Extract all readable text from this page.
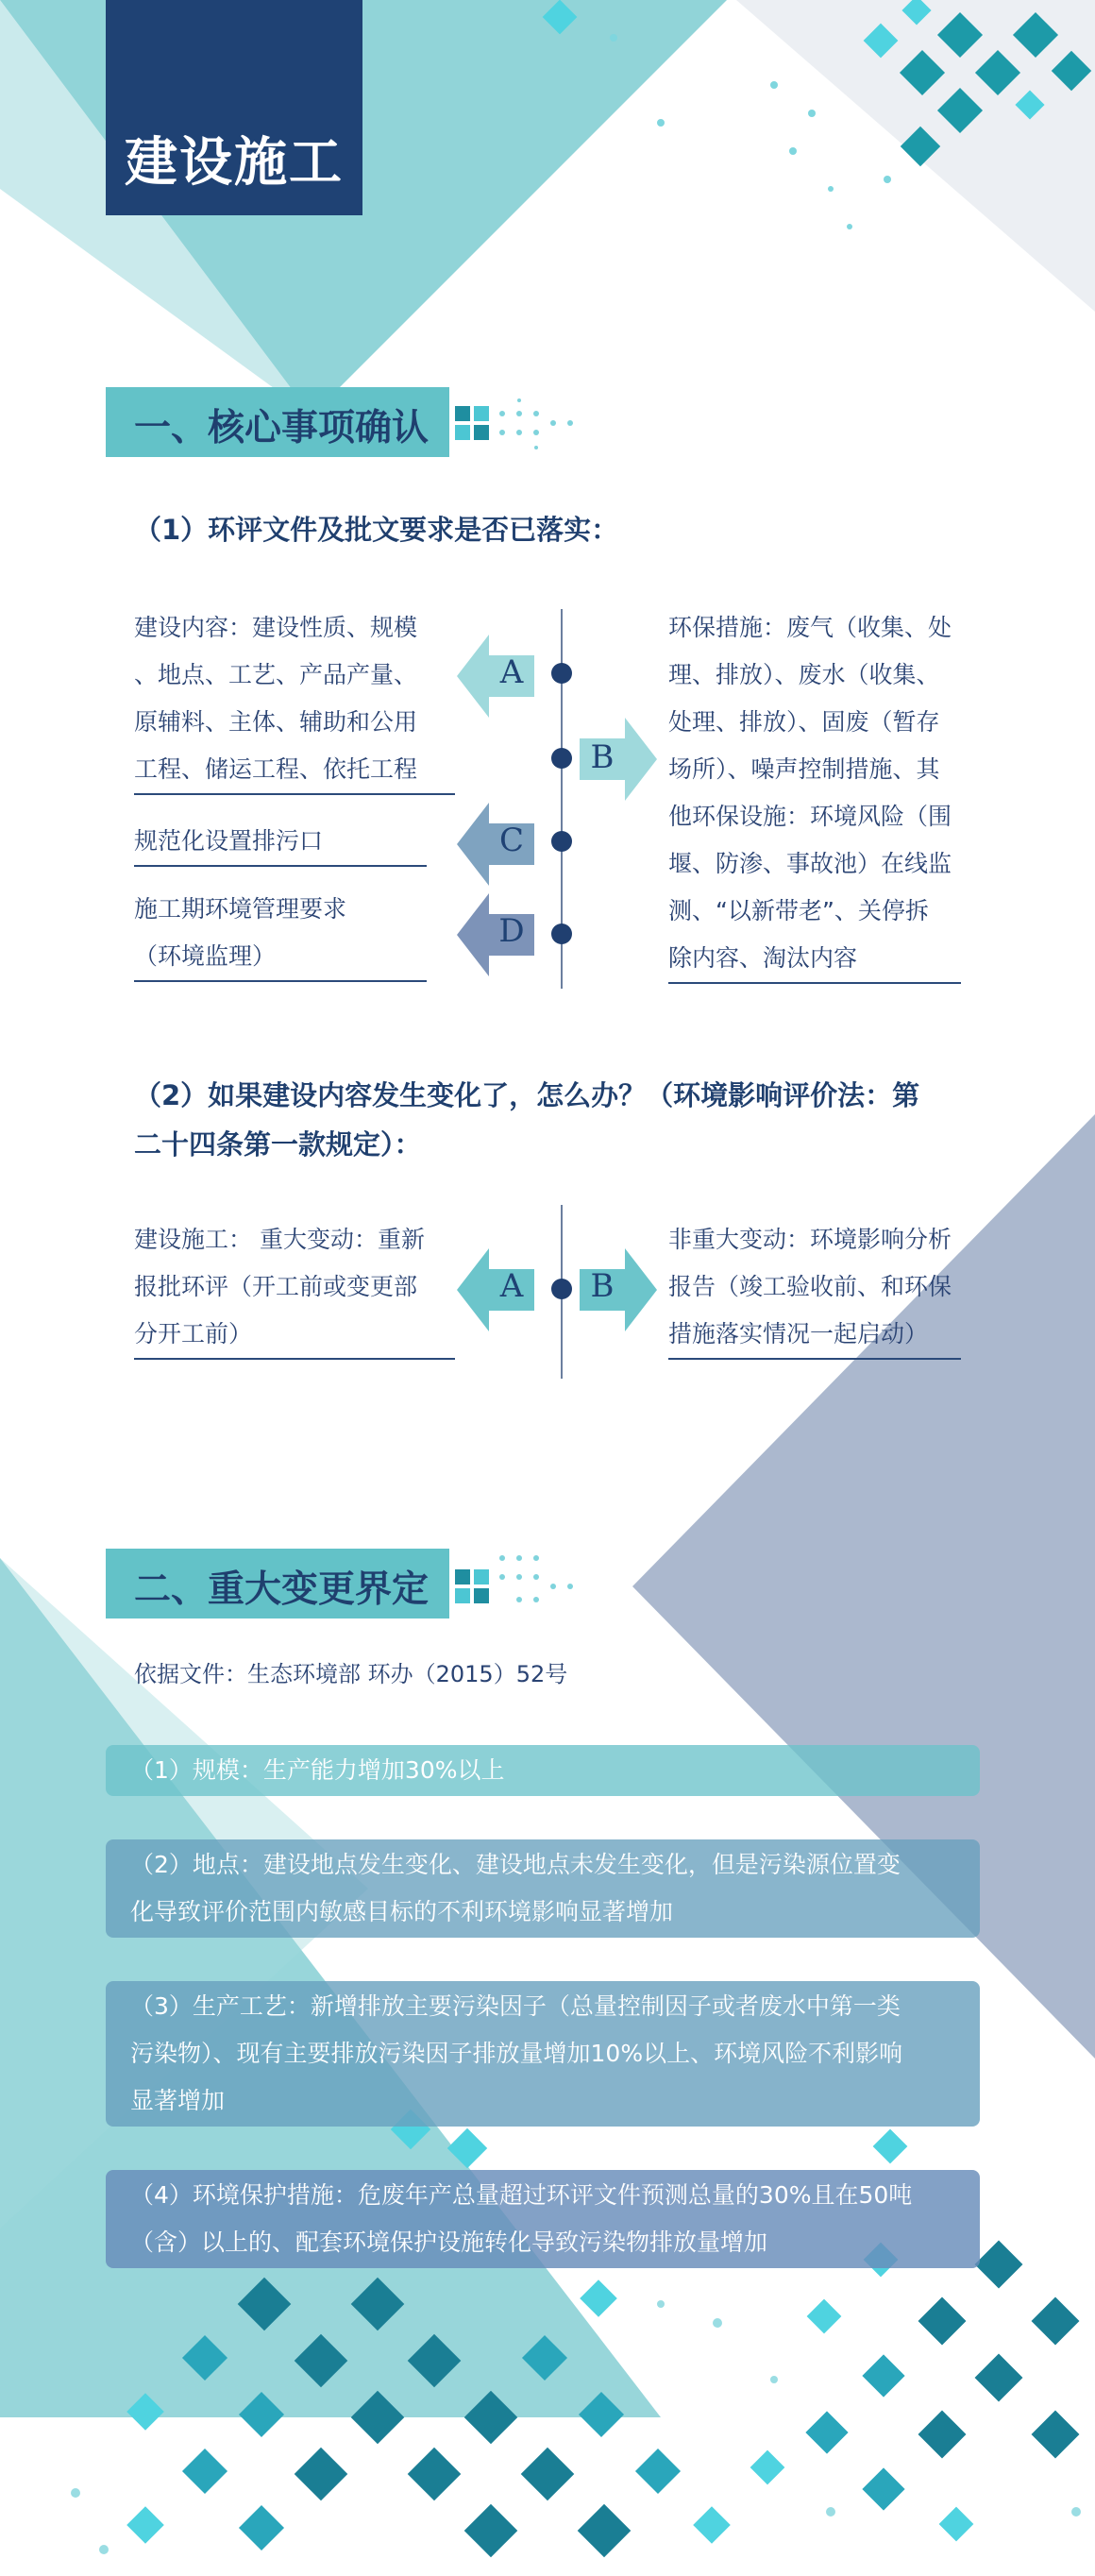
建设施工
一、核心事项确认
（1）环评文件及批文要求是否已落实：
建设内容：建设性质、规模
、地点、工艺、产品产量、
原辅料、主体、辅助和公用
工程、储运工程、依托工程
规范化设置排污口
施工期环境管理要求
（环境监理）
环保措施：废气（收集、处
理、排放）、废水（收集、
处理、排放）、固废（暂存
场所）、噪声控制措施、其
他环保设施：环境风险（围
堰、防渗、事故池）在线监
测、“以新带老”、关停拆
除内容、淘汰内容
A
B
C
D
（2）如果建设内容发生变化了，怎么办？（环境影响评价法：第
二十四条第一款规定）：
建设施工： 重大变动：重新
报批环评（开工前或变更部
分开工前）
非重大变动：环境影响分析
报告（竣工验收前、和环保
措施落实情况一起启动）
A B
二、重大变更界定
依据文件：生态环境部 环办（2015）52号
（1）规模：生产能力增加30%以上
（2）地点：建设地点发生变化、建设地点未发生变化，但是污染源位置变
化导致评价范围内敏感目标的不利环境影响显著增加
（3）生产工艺：新增排放主要污染因子（总量控制因子或者废水中第一类
污染物）、现有主要排放污染因子排放量增加10%以上、环境风险不利影响
显著增加
（4）环境保护措施：危废年产总量超过环评文件预测总量的30%且在50吨
（含）以上的、配套环境保护设施转化导致污染物排放量增加
